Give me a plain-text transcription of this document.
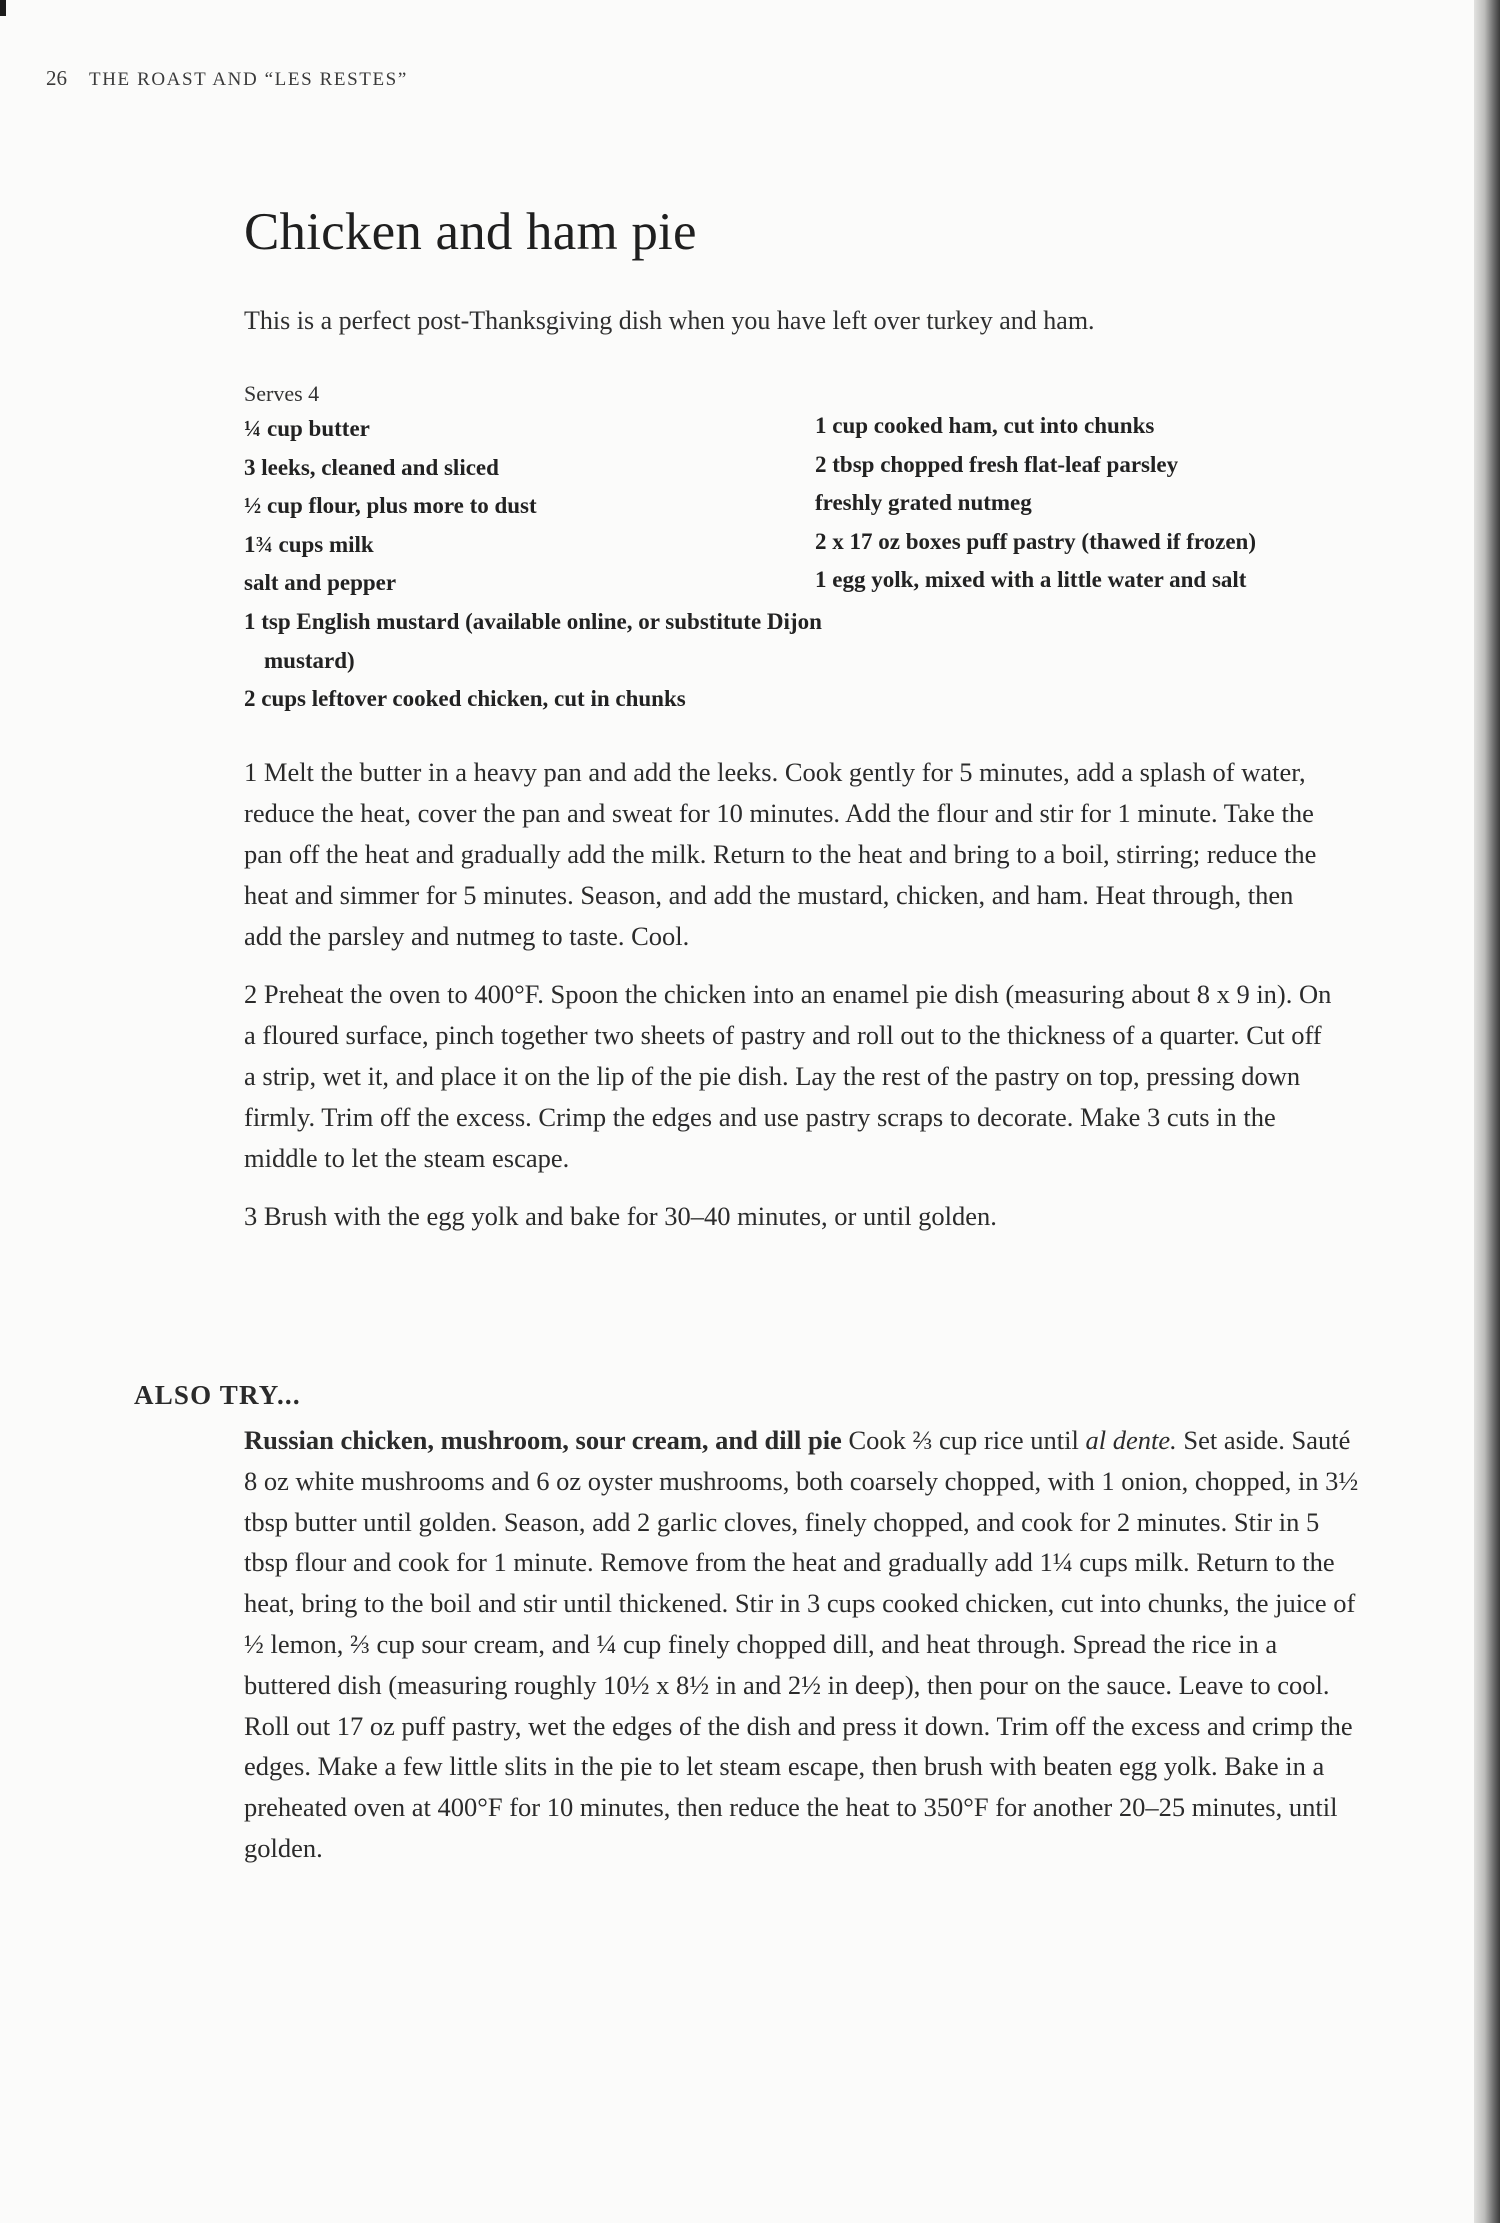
26 THE ROAST AND “LES RESTES”
Chicken and ham pie

This is a perfect post-Thanksgiving dish when you have left over turkey and ham.

Serves 4

¼ cup butter
3 leeks, cleaned and sliced
½ cup flour, plus more to dust
1¾ cups milk
salt and pepper
1 tsp English mustard (available online, or substitute Dijon mustard)
2 cups leftover cooked chicken, cut in chunks
1 cup cooked ham, cut into chunks
2 tbsp chopped fresh flat-leaf parsley
freshly grated nutmeg
2 x 17 oz boxes puff pastry (thawed if frozen)
1 egg yolk, mixed with a little water and salt

1 Melt the butter in a heavy pan and add the leeks. Cook gently for 5 minutes, add a splash of water, reduce the heat, cover the pan and sweat for 10 minutes. Add the flour and stir for 1 minute. Take the pan off the heat and gradually add the milk. Return to the heat and bring to a boil, stirring; reduce the heat and simmer for 5 minutes. Season, and add the mustard, chicken, and ham. Heat through, then add the parsley and nutmeg to taste. Cool.

2 Preheat the oven to 400°F. Spoon the chicken into an enamel pie dish (measuring about 8 x 9 in). On a floured surface, pinch together two sheets of pastry and roll out to the thickness of a quarter. Cut off a strip, wet it, and place it on the lip of the pie dish. Lay the rest of the pastry on top, pressing down firmly. Trim off the excess. Crimp the edges and use pastry scraps to decorate. Make 3 cuts in the middle to let the steam escape.

3 Brush with the egg yolk and bake for 30–40 minutes, or until golden.

ALSO TRY...

Russian chicken, mushroom, sour cream, and dill pie Cook ⅔ cup rice until al dente. Set aside. Sauté 8 oz white mushrooms and 6 oz oyster mushrooms, both coarsely chopped, with 1 onion, chopped, in 3½ tbsp butter until golden. Season, add 2 garlic cloves, finely chopped, and cook for 2 minutes. Stir in 5 tbsp flour and cook for 1 minute. Remove from the heat and gradually add 1¼ cups milk. Return to the heat, bring to the boil and stir until thickened. Stir in 3 cups cooked chicken, cut into chunks, the juice of ½ lemon, ⅔ cup sour cream, and ¼ cup finely chopped dill, and heat through. Spread the rice in a buttered dish (measuring roughly 10½ x 8½ in and 2½ in deep), then pour on the sauce. Leave to cool. Roll out 17 oz puff pastry, wet the edges of the dish and press it down. Trim off the excess and crimp the edges. Make a few little slits in the pie to let steam escape, then brush with beaten egg yolk. Bake in a preheated oven at 400°F for 10 minutes, then reduce the heat to 350°F for another 20–25 minutes, until golden.
